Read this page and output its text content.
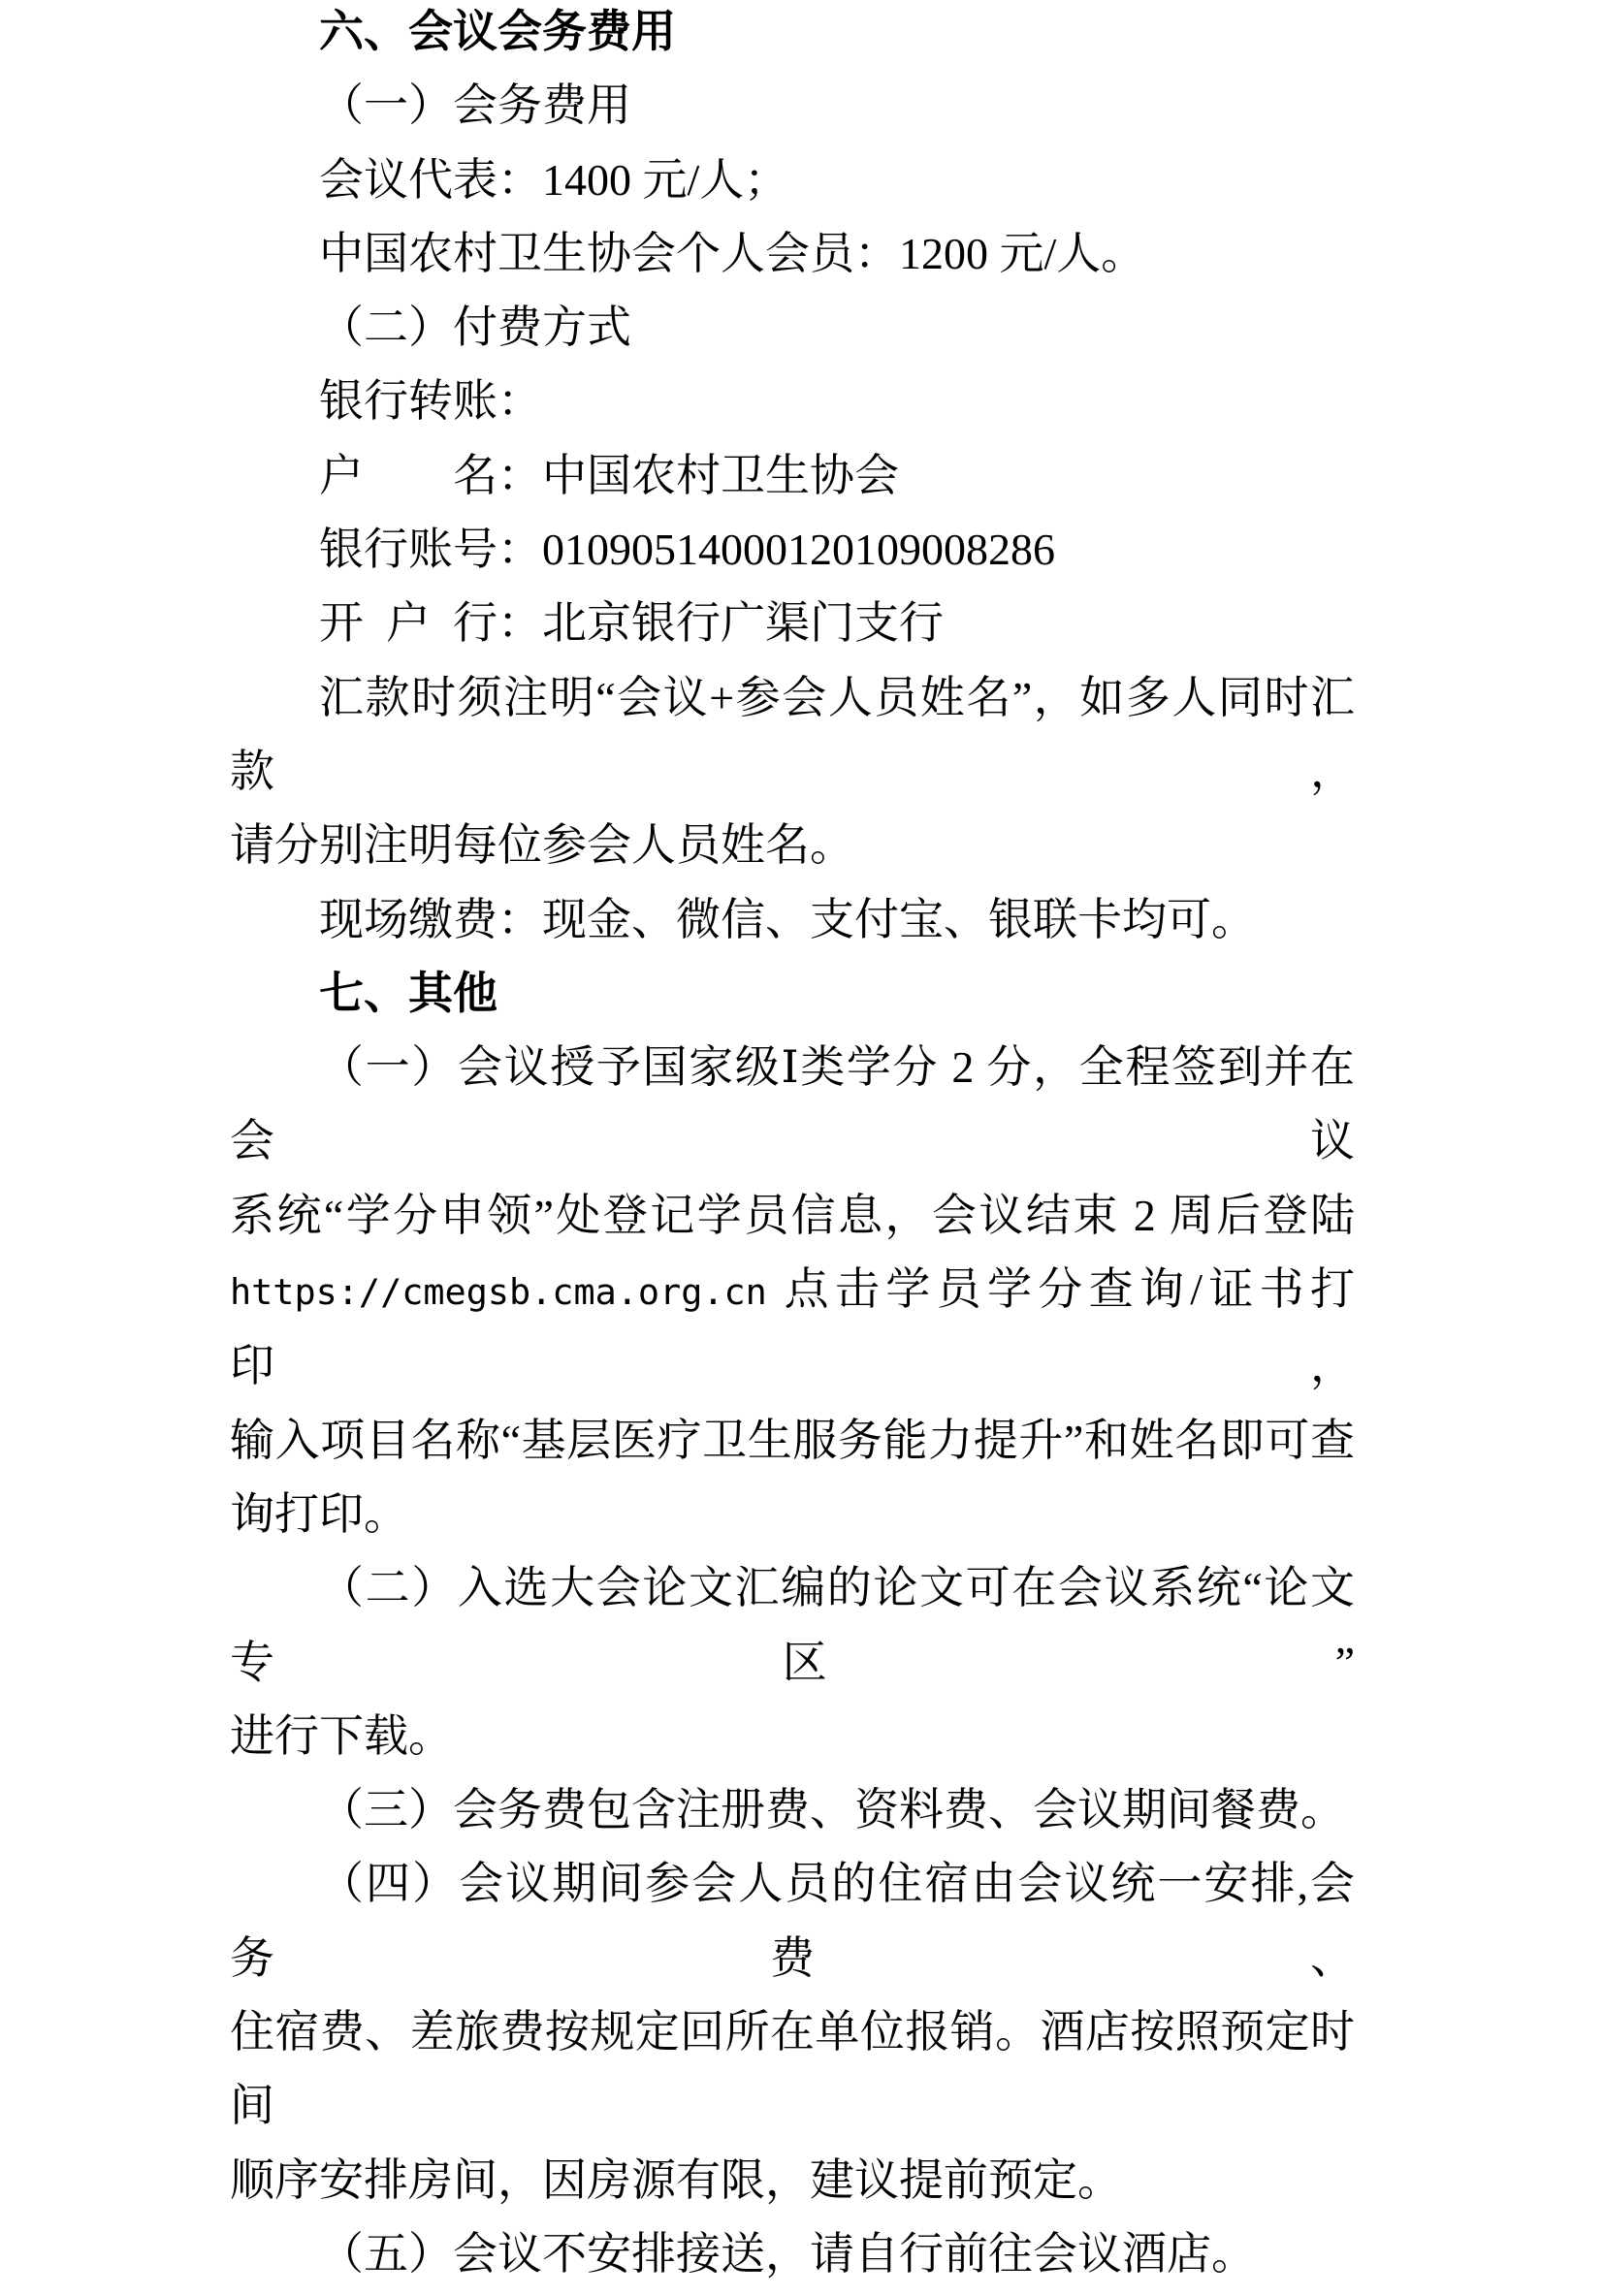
六、会议会务费用
（一）会务费用
会议代表：1400 元/人；
中国农村卫生协会个人会员：1200 元/人。
（二）付费方式
银行转账：
户　　名：中国农村卫生协会
银行账号：01090514000120109008286
开 户 行：北京银行广渠门支行
汇款时须注明“会议+参会人员姓名”，如多人同时汇款，
请分别注明每位参会人员姓名。
现场缴费：现金、微信、支付宝、银联卡均可。
七、其他
（一）会议授予国家级Ⅰ类学分 2 分，全程签到并在会议
系统“学分申领”处登记学员信息，会议结束 2 周后登陆
https://cmegsb.cma.org.cn 点击学员学分查询/证书打印，
输入项目名称“基层医疗卫生服务能力提升”和姓名即可查
询打印。
（二）入选大会论文汇编的论文可在会议系统“论文专区”
进行下载。
（三）会务费包含注册费、资料费、会议期间餐费。
（四）会议期间参会人员的住宿由会议统一安排,会务费、
住宿费、差旅费按规定回所在单位报销。酒店按照预定时间
顺序安排房间，因房源有限，建议提前预定。
（五）会议不安排接送，请自行前往会议酒店。
